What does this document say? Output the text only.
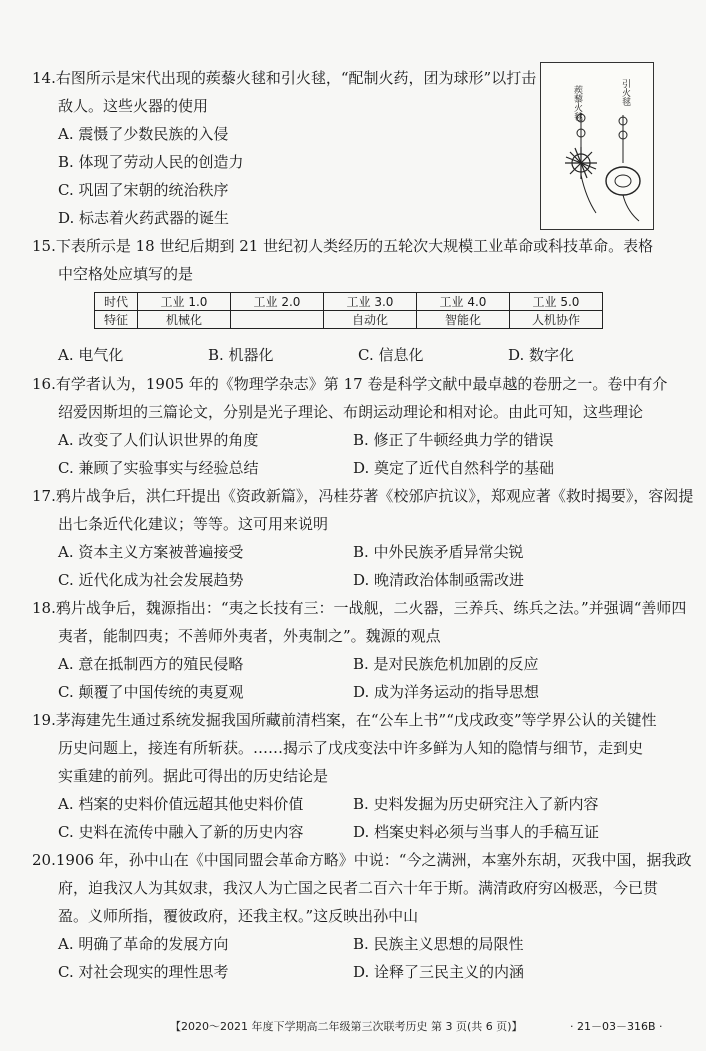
14.右图所示是宋代出现的蒺藜火毬和引火毬，“配制火药，团为球形”以打击
敌人。这些火器的使用
A. 震慑了少数民族的入侵
B. 体现了劳动人民的创造力
C. 巩固了宋朝的统治秩序
D. 标志着火药武器的诞生
蒺藜火毬	引火毬
15.下表所示是 18 世纪后期到 21 世纪初人类经历的五轮次大规模工业革命或科技革命。表格
中空格处应填写的是
时代	工业 1.0	工业 2.0	工业 3.0	工业 4.0	工业 5.0
特征	机械化		自动化	智能化	人机协作
A. 电气化	B. 机器化	C. 信息化	D. 数字化
16.有学者认为，1905 年的《物理学杂志》第 17 卷是科学文献中最卓越的卷册之一。卷中有介
绍爱因斯坦的三篇论文，分别是光子理论、布朗运动理论和相对论。由此可知，这些理论
A. 改变了人们认识世界的角度	B. 修正了牛顿经典力学的错误
C. 兼顾了实验事实与经验总结	D. 奠定了近代自然科学的基础
17.鸦片战争后，洪仁玕提出《资政新篇》，冯桂芬著《校邠庐抗议》，郑观应著《救时揭要》，容闳提
出七条近代化建议；等等。这可用来说明
A. 资本主义方案被普遍接受	B. 中外民族矛盾异常尖锐
C. 近代化成为社会发展趋势	D. 晚清政治体制亟需改进
18.鸦片战争后，魏源指出：“夷之长技有三：一战舰，二火器，三养兵、练兵之法。”并强调“善师四
夷者，能制四夷；不善师外夷者，外夷制之”。魏源的观点
A. 意在抵制西方的殖民侵略	B. 是对民族危机加剧的反应
C. 颠覆了中国传统的夷夏观	D. 成为洋务运动的指导思想
19.茅海建先生通过系统发掘我国所藏前清档案，在“公车上书”“戊戌政变”等学界公认的关键性
历史问题上，接连有所斩获。……揭示了戊戌变法中许多鲜为人知的隐情与细节，走到史
实重建的前列。据此可得出的历史结论是
A. 档案的史料价值远超其他史料价值	B. 史料发掘为历史研究注入了新内容
C. 史料在流传中融入了新的历史内容	D. 档案史料必须与当事人的手稿互证
20.1906 年，孙中山在《中国同盟会革命方略》中说：“今之满洲，本塞外东胡，灭我中国，据我政
府，迫我汉人为其奴隶，我汉人为亡国之民者二百六十年于斯。满清政府穷凶极恶，今已贯
盈。义师所指，覆彼政府，还我主权。”这反映出孙中山
A. 明确了革命的发展方向	B. 民族主义思想的局限性
C. 对社会现实的理性思考	D. 诠释了三民主义的内涵
【2020～2021 年度下学期高二年级第三次联考历史 第 3 页(共 6 页)】	· 21－03－316B ·
